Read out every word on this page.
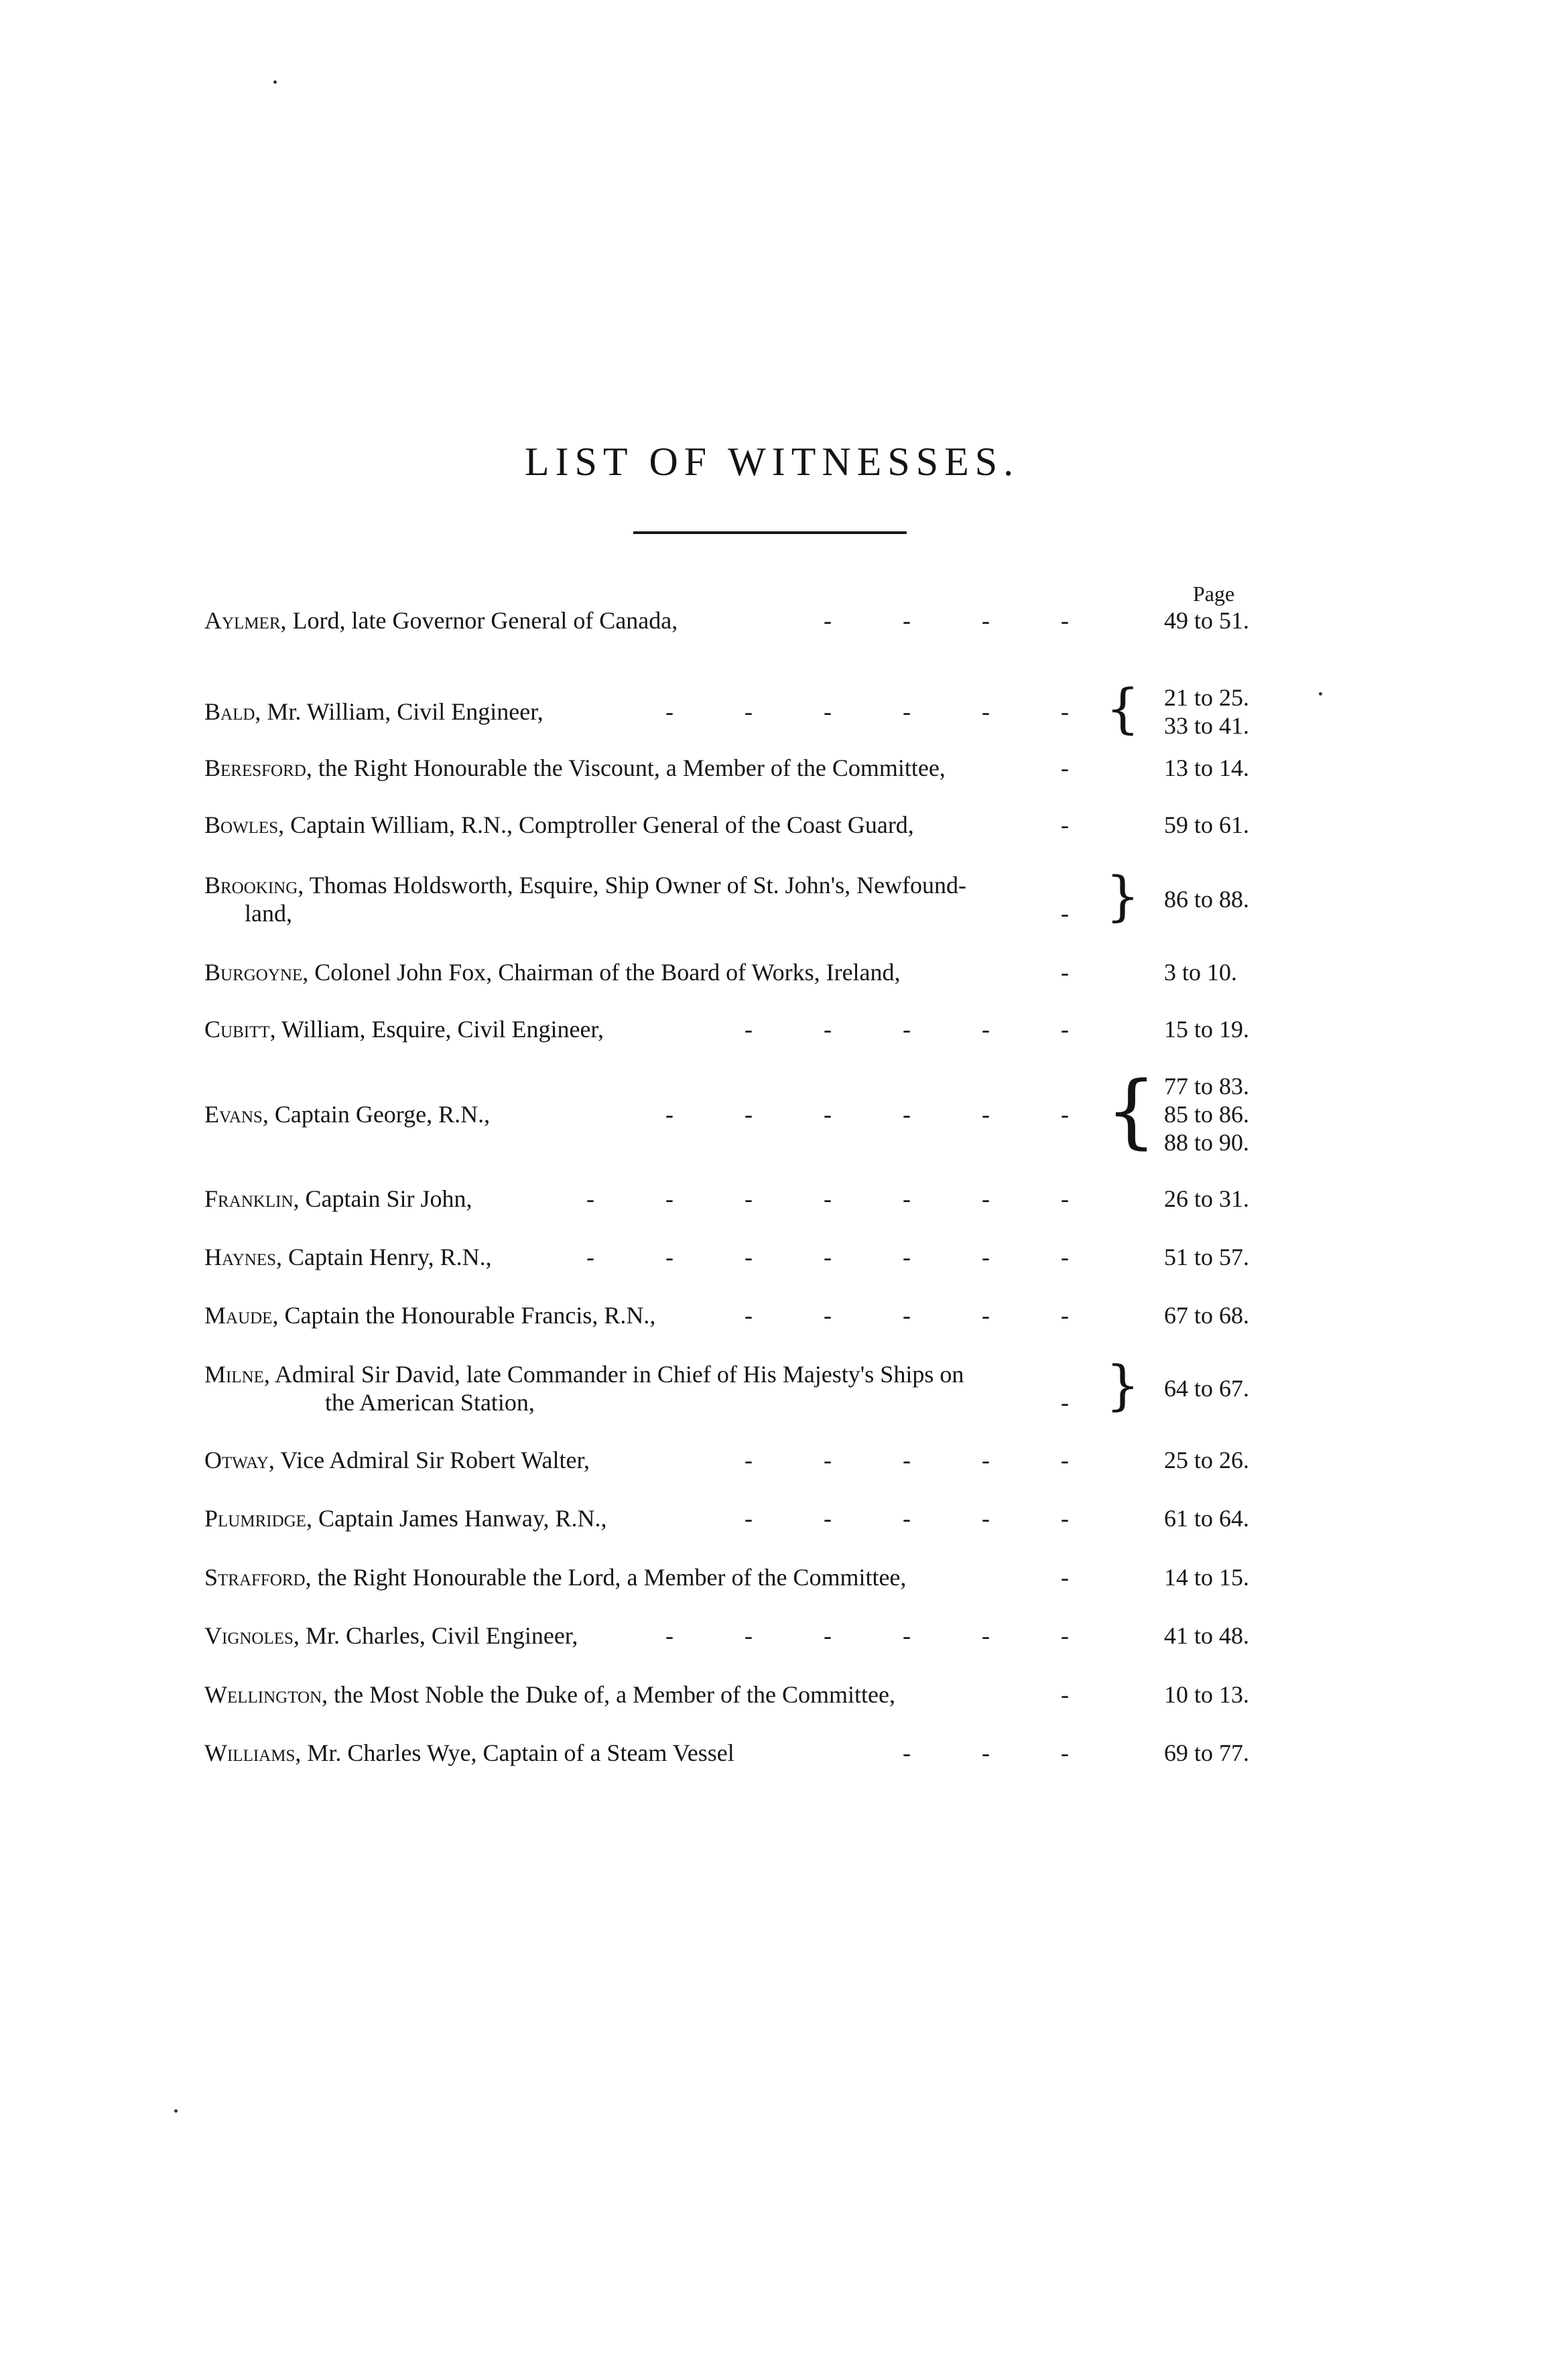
LIST OF WITNESSES.
Page
Aylmer, Lord, late Governor General of Canada,	-	-	-	-	49 to 51.
Bald, Mr. William, Civil Engineer,	-	-	-	-	-	- { 21 to 25.
33 to 41.
Beresford, the Right Honourable the Viscount, a Member of the Committee,	-	13 to 14.
Bowles, Captain William, R.N., Comptroller General of the Coast Guard,	-	59 to 61.
Brooking, Thomas Holdsworth, Esquire, Ship Owner of St. John's, Newfound-
land,	- } 86 to 88.
Burgoyne, Colonel John Fox, Chairman of the Board of Works, Ireland,	-	3 to 10.
Cubitt, William, Esquire, Civil Engineer,	-	-	-	-	-	15 to 19.
Evans, Captain George, R.N.,	-	-	-	-	-	- { 77 to 83.
85 to 86.
88 to 90.
Franklin, Captain Sir John,	-	-	-	-	-	-	-	26 to 31.
Haynes, Captain Henry, R.N.,	-	-	-	-	-	-	-	51 to 57.
Maude, Captain the Honourable Francis, R.N.,	-	-	-	-	-	67 to 68.
Milne, Admiral Sir David, late Commander in Chief of His Majesty's Ships on
the American Station,	- } 64 to 67.
Otway, Vice Admiral Sir Robert Walter,	-	-	-	-	-	25 to 26.
Plumridge, Captain James Hanway, R.N.,	-	-	-	-	-	61 to 64.
Strafford, the Right Honourable the Lord, a Member of the Committee,	-	14 to 15.
Vignoles, Mr. Charles, Civil Engineer,	-	-	-	-	-	-	41 to 48.
Wellington, the Most Noble the Duke of, a Member of the Committee,	-	10 to 13.
Williams, Mr. Charles Wye, Captain of a Steam Vessel	-	-	-	69 to 77.
